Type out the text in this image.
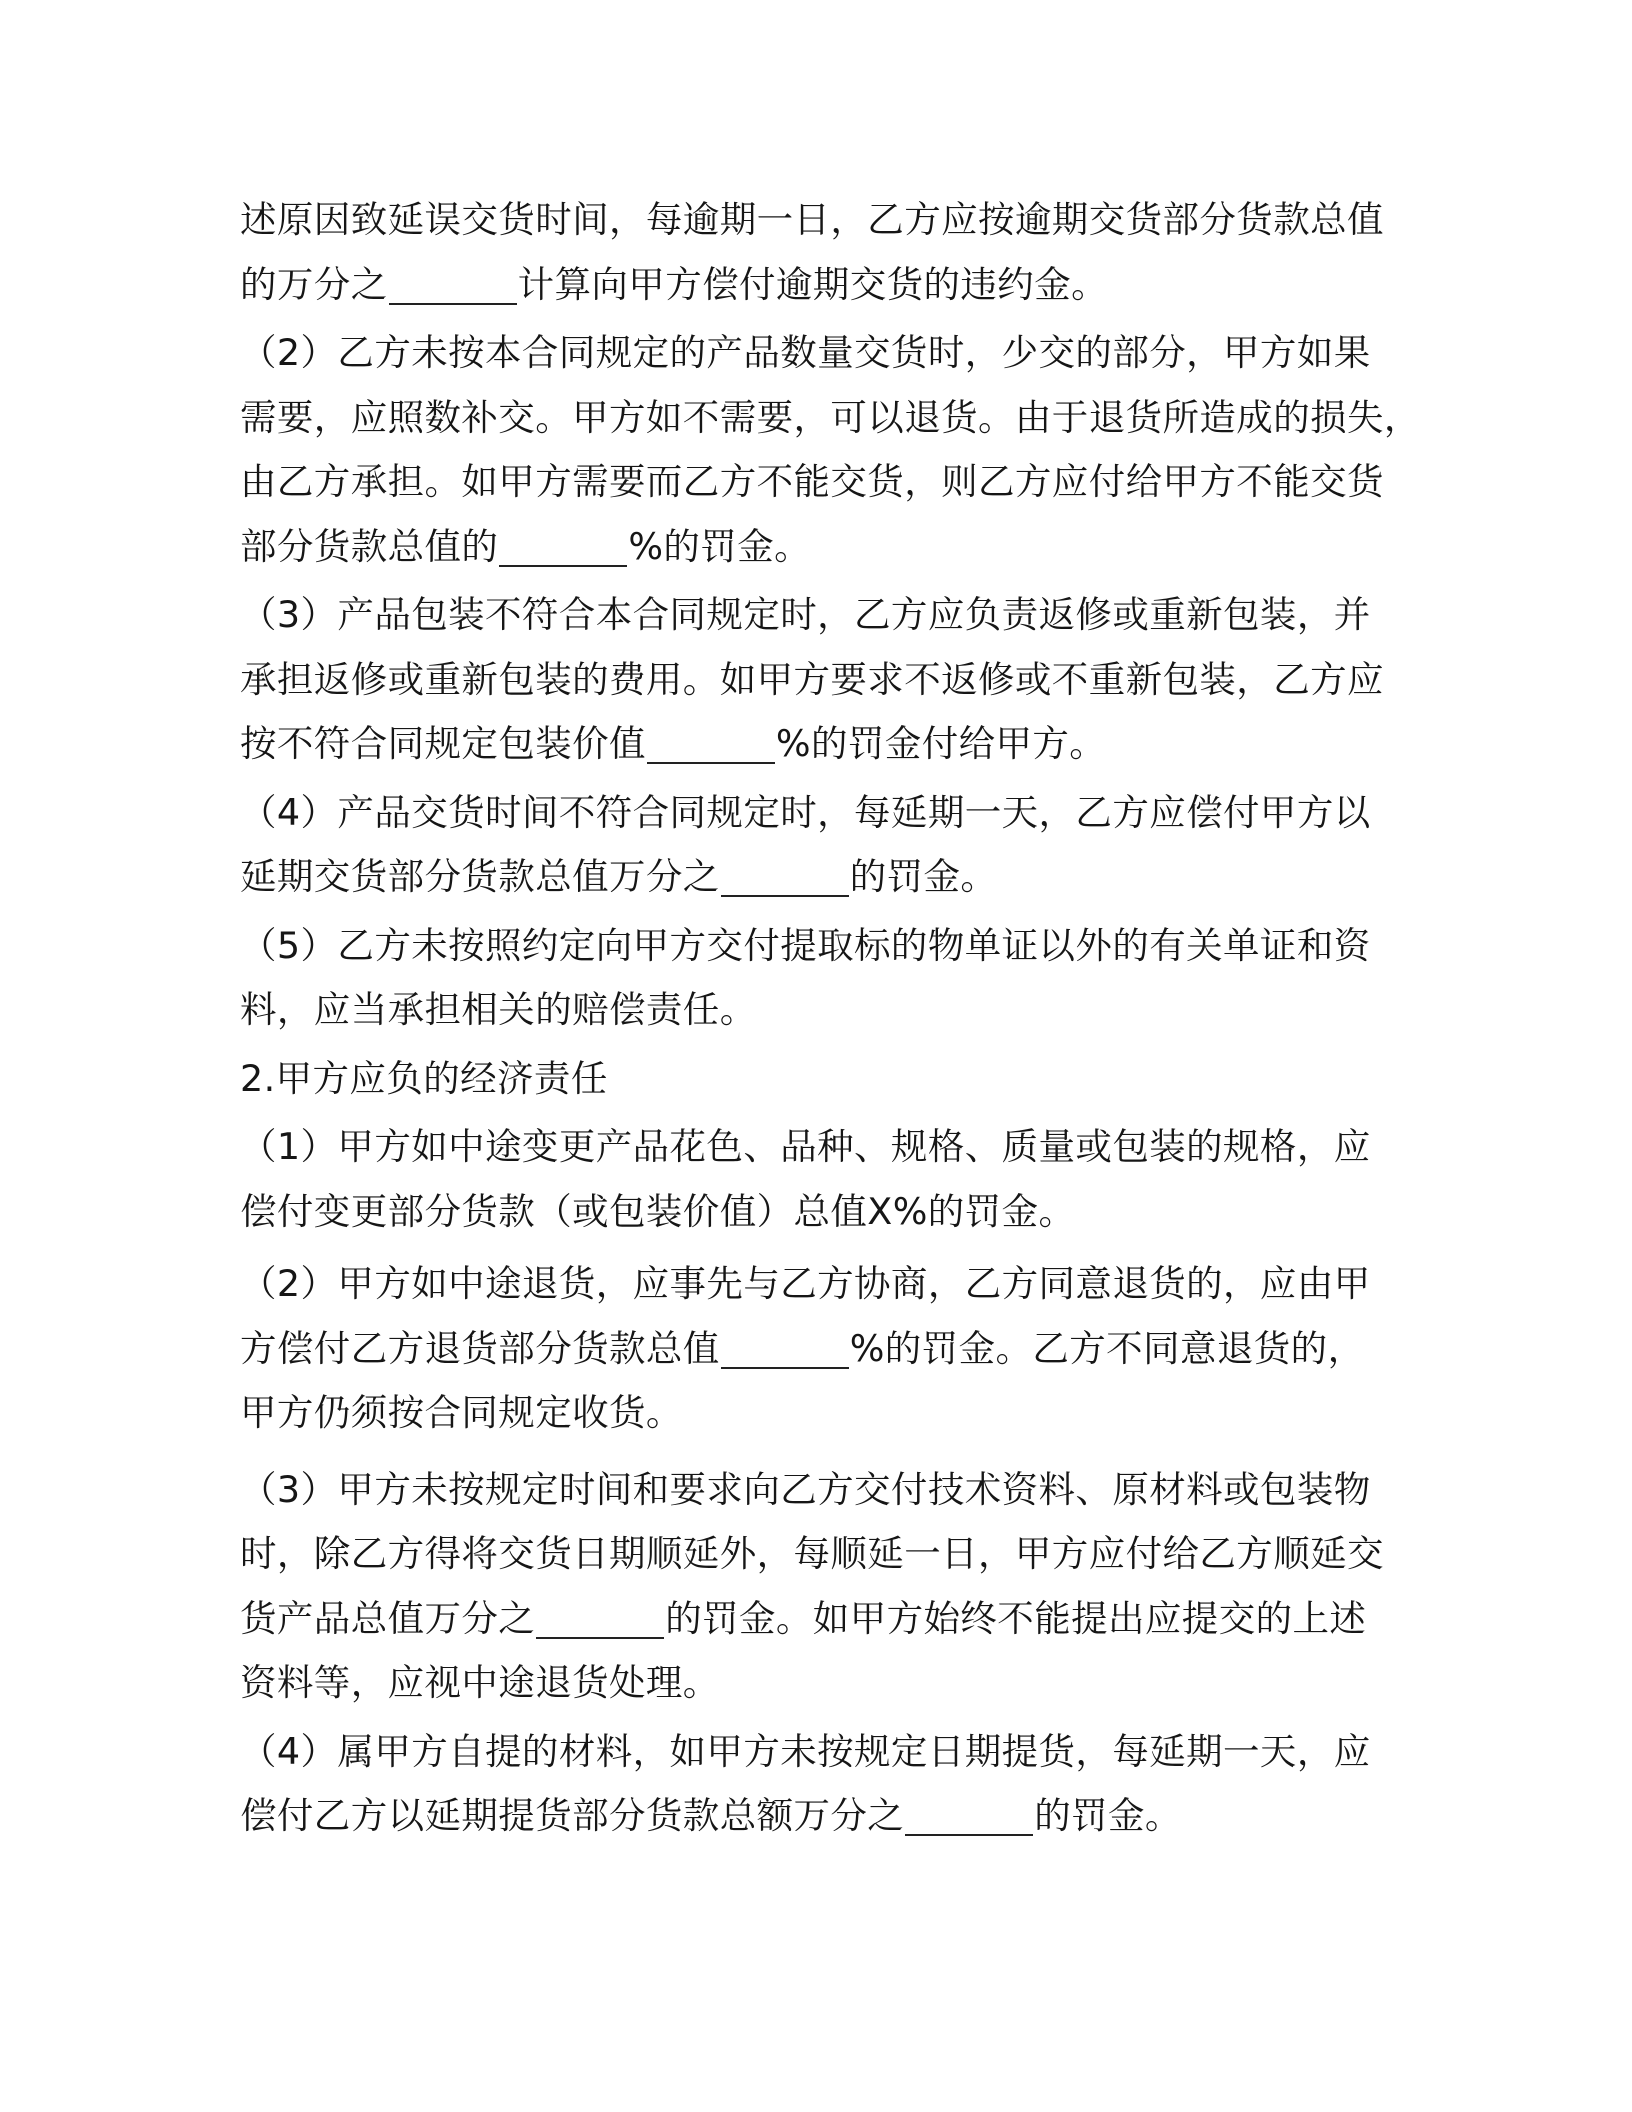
述原因致延误交货时间，每逾期一日，乙方应按逾期交货部分货款总值
的万分之	计算向甲方偿付逾期交货的违约金。
（2）乙方未按本合同规定的产品数量交货时，少交的部分，甲方如果
需要，应照数补交。甲方如不需要，可以退货。由于退货所造成的损失，
由乙方承担。如甲方需要而乙方不能交货，则乙方应付给甲方不能交货
部分货款总值的	%的罚金。
（3）产品包装不符合本合同规定时，乙方应负责返修或重新包装，并
承担返修或重新包装的费用。如甲方要求不返修或不重新包装，乙方应
按不符合同规定包装价值	%的罚金付给甲方。
（4）产品交货时间不符合同规定时，每延期一天，乙方应偿付甲方以
延期交货部分货款总值万分之	的罚金。
（5）乙方未按照约定向甲方交付提取标的物单证以外的有关单证和资
料，应当承担相关的赔偿责任。
2.甲方应负的经济责任
（1）甲方如中途变更产品花色、品种、规格、质量或包装的规格，应
偿付变更部分货款（或包装价值）总值X%的罚金。
（2）甲方如中途退货，应事先与乙方协商，乙方同意退货的，应由甲
方偿付乙方退货部分货款总值	%的罚金。乙方不同意退货的，
甲方仍须按合同规定收货。
（3）甲方未按规定时间和要求向乙方交付技术资料、原材料或包装物
时，除乙方得将交货日期顺延外，每顺延一日，甲方应付给乙方顺延交
货产品总值万分之	的罚金。如甲方始终不能提出应提交的上述
资料等，应视中途退货处理。
（4）属甲方自提的材料，如甲方未按规定日期提货，每延期一天，应
偿付乙方以延期提货部分货款总额万分之	的罚金。
